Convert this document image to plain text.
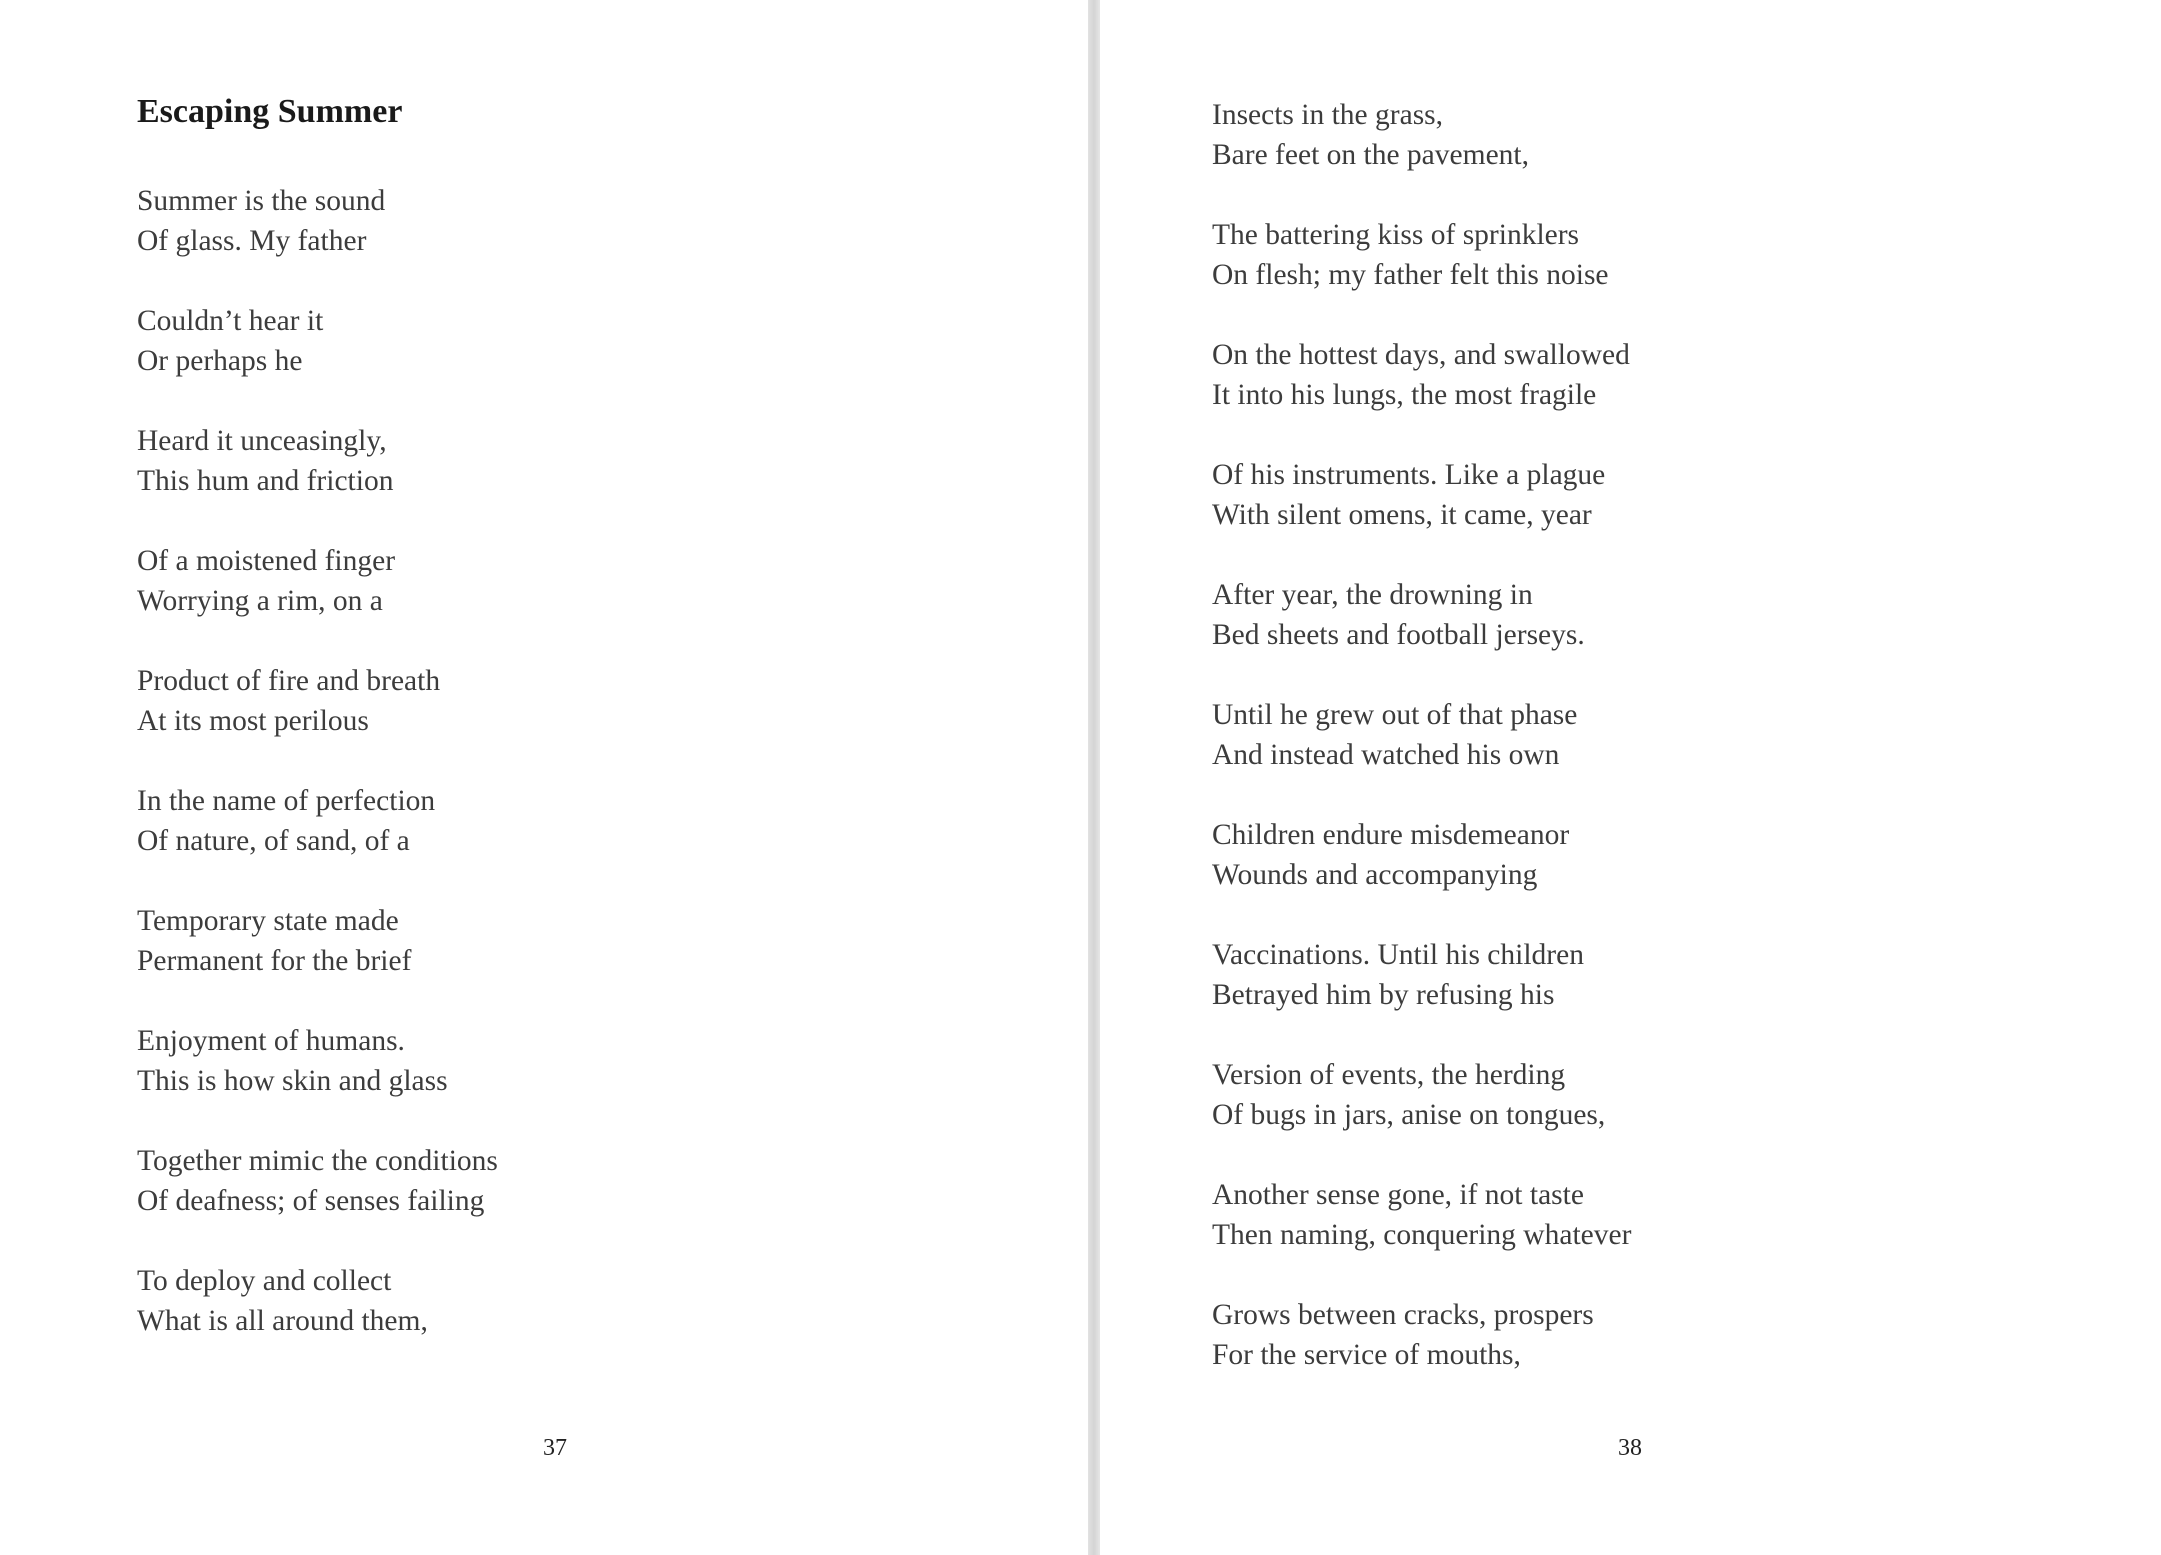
Escaping Summer
Summer is the sound
Of glass. My father
Couldn’t hear it
Or perhaps he
Heard it unceasingly,
This hum and friction
Of a moistened finger
Worrying a rim, on a
Product of fire and breath
At its most perilous
In the name of perfection
Of nature, of sand, of a
Temporary state made
Permanent for the brief
Enjoyment of humans.
This is how skin and glass
Together mimic the conditions
Of deafness; of senses failing
To deploy and collect
What is all around them,
37
Insects in the grass,
Bare feet on the pavement,
The battering kiss of sprinklers
On flesh; my father felt this noise
On the hottest days, and swallowed
It into his lungs, the most fragile
Of his instruments. Like a plague
With silent omens, it came, year
After year, the drowning in
Bed sheets and football jerseys.
Until he grew out of that phase
And instead watched his own
Children endure misdemeanor
Wounds and accompanying
Vaccinations. Until his children
Betrayed him by refusing his
Version of events, the herding
Of bugs in jars, anise on tongues,
Another sense gone, if not taste
Then naming, conquering whatever
Grows between cracks, prospers
For the service of mouths,
38
